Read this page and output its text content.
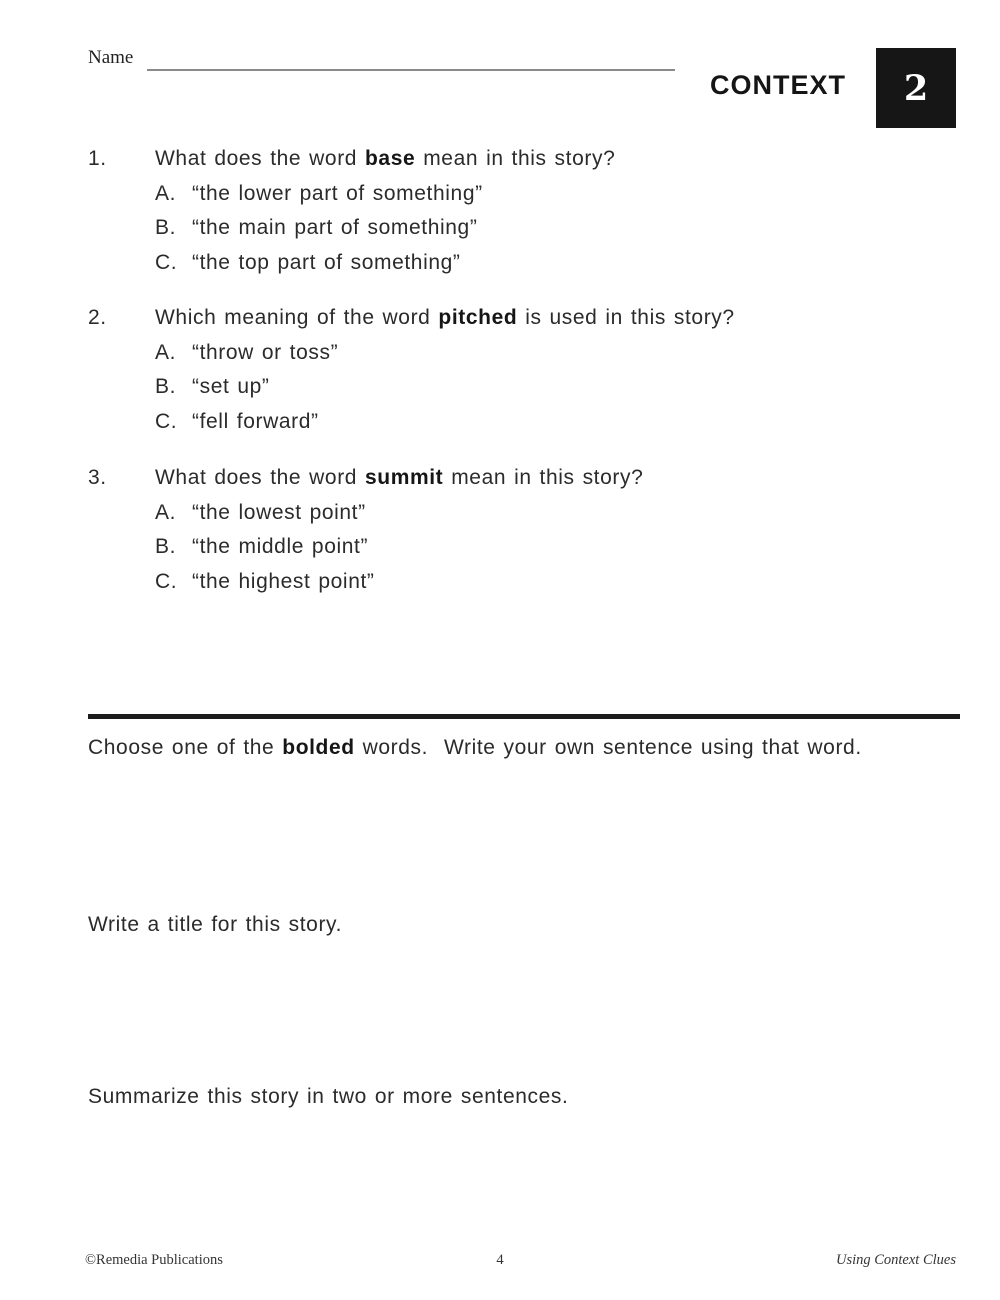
Name
CONTEXT 2
1. What does the word base mean in this story?
A. “the lower part of something”
B. “the main part of something”
C. “the top part of something”
2. Which meaning of the word pitched is used in this story?
A. “throw or toss”
B. “set up”
C. “fell forward”
3. What does the word summit mean in this story?
A. “the lowest point”
B. “the middle point”
C. “the highest point”
Choose one of the bolded words.  Write your own sentence using that word.
Write a title for this story.
Summarize this story in two or more sentences.
4
©Remedia Publications	Using Context Clues
